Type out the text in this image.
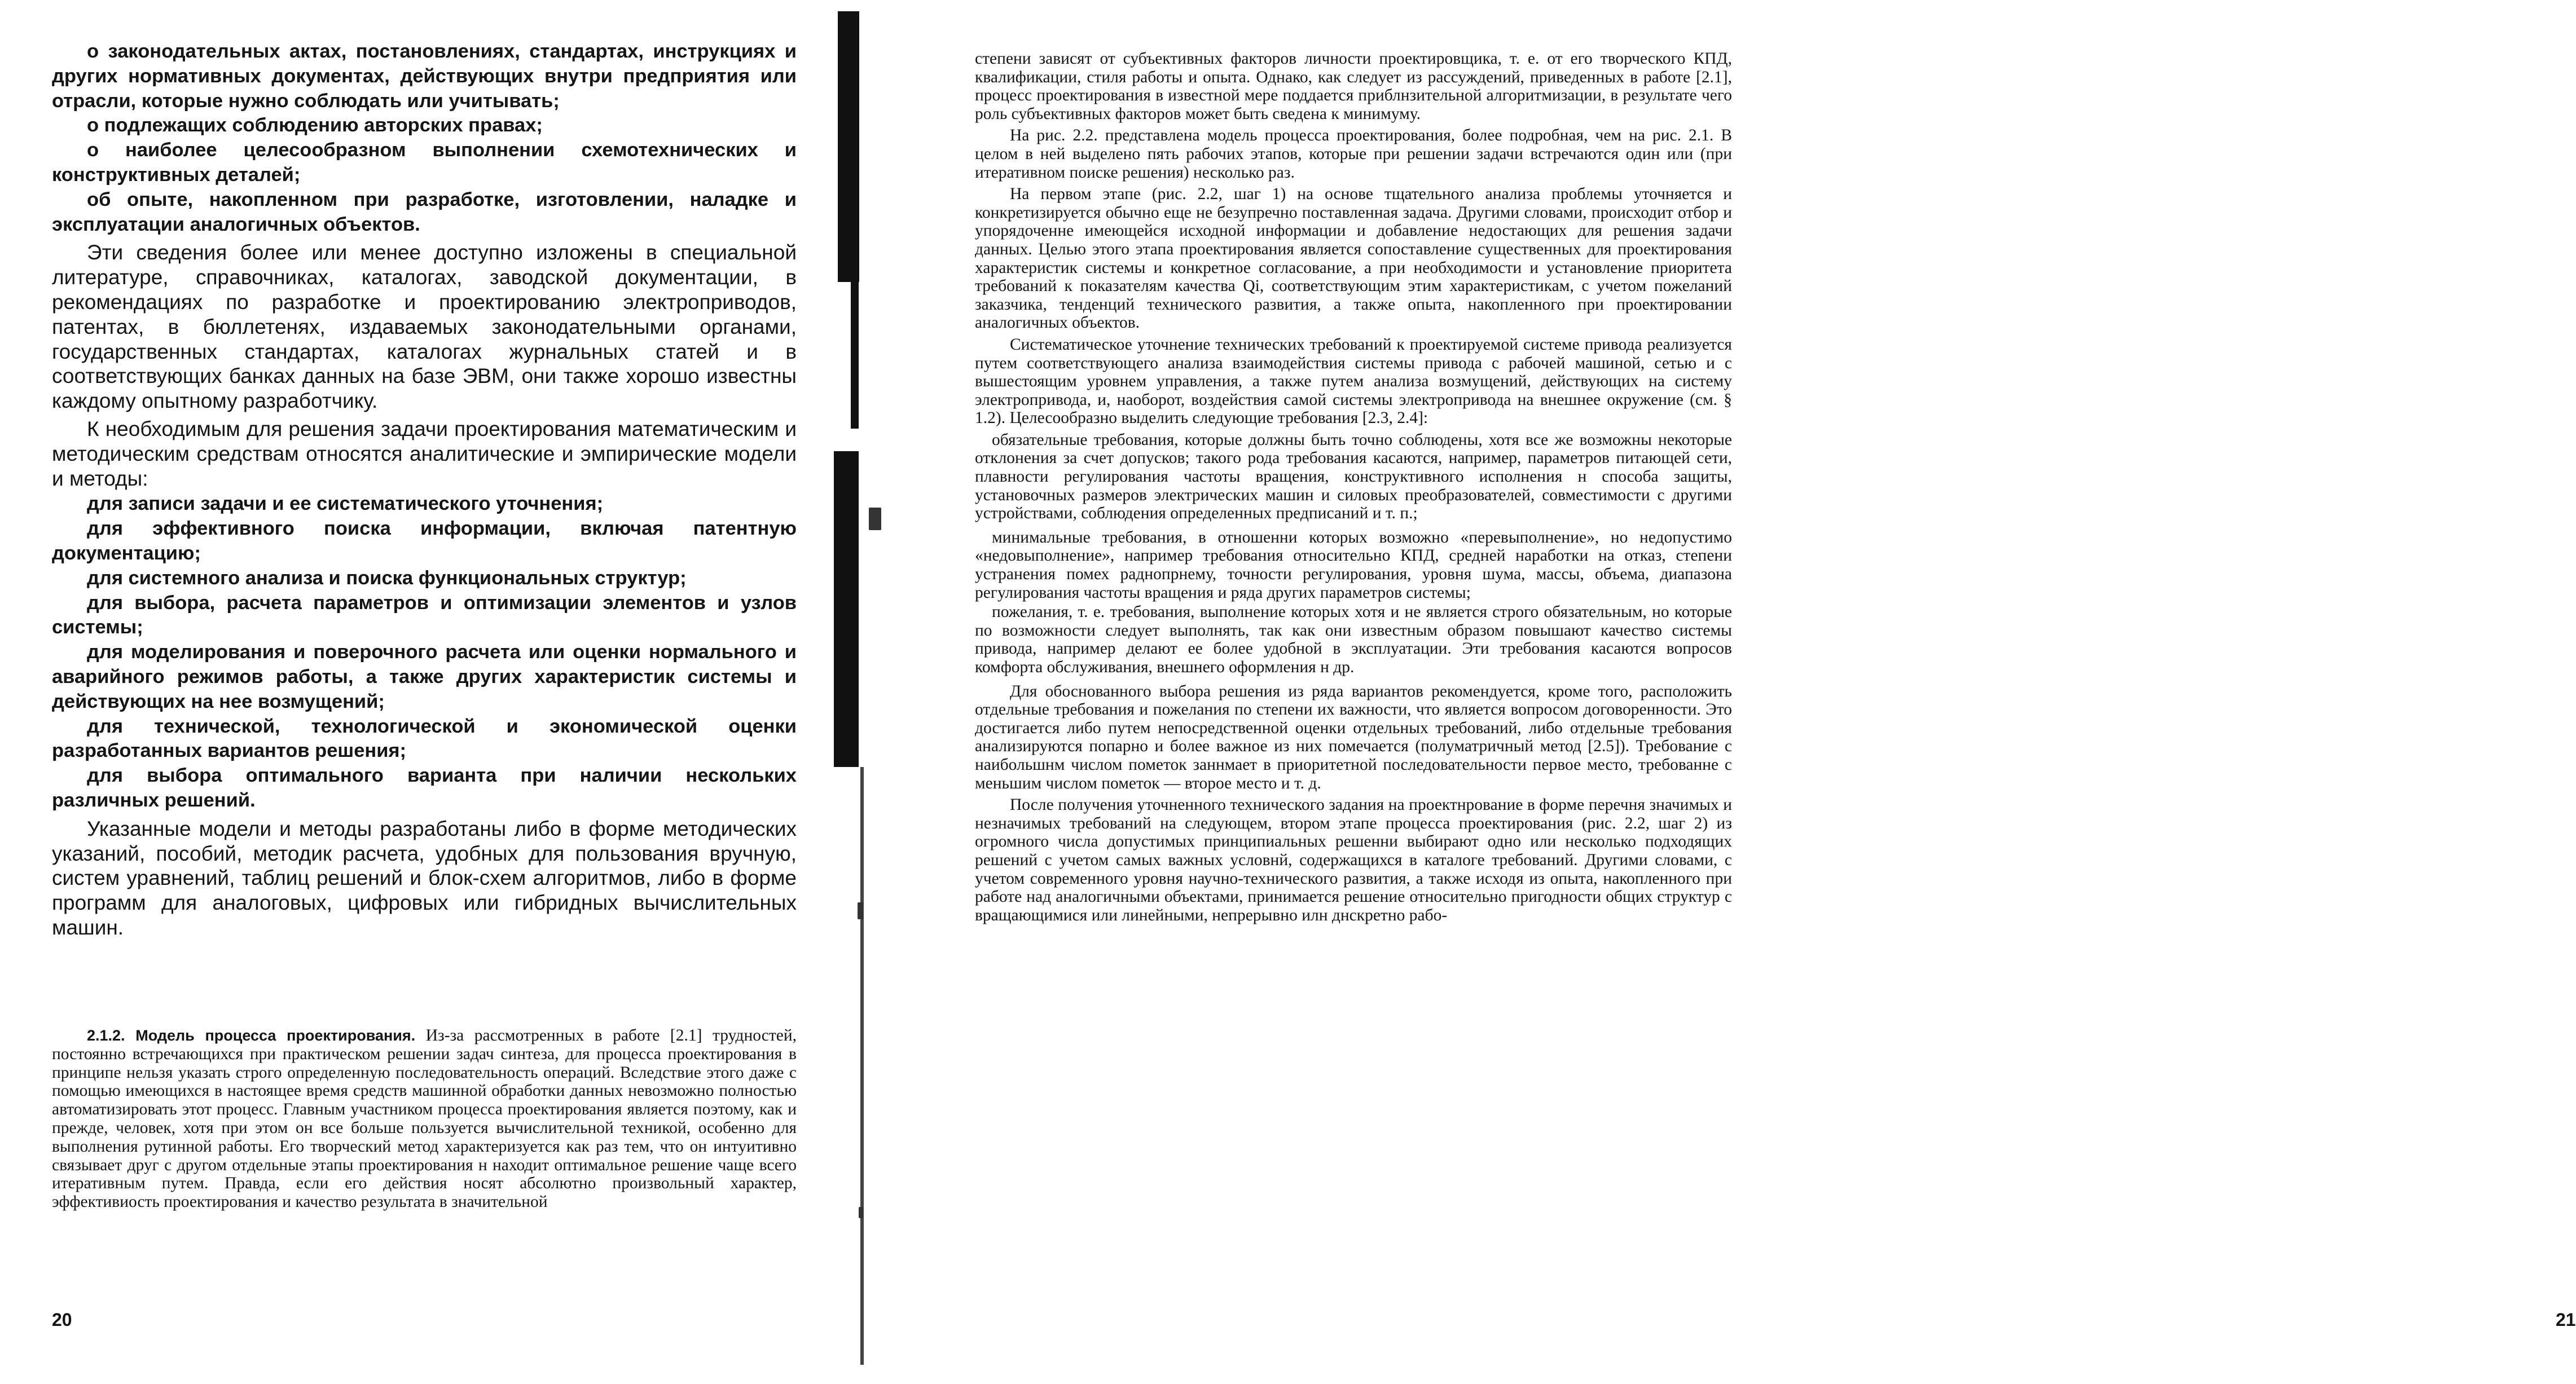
о законодательных актах, постановлениях, стандартах, инструкциях и других нормативных документах, действующих внутри предприятия или отрасли, которые нужно соблюдать или учитывать;

о подлежащих соблюдению авторских правах;

о наиболее целесообразном выполнении схемотехнических и конструктивных деталей;

об опыте, накопленном при разработке, изготовлении, наладке и эксплуатации аналогичных объектов.

Эти сведения более или менее доступно изложены в специальной литературе, справочниках, каталогах, заводской документации, в рекомендациях по разработке и проектированию электроприводов, патентах, в бюллетенях, издаваемых законодательными органами, государственных стандартах, каталогах журнальных статей и в соответствующих банках данных на базе ЭВМ, они также хорошо известны каждому опытному разработчику.

К необходимым для решения задачи проектирования математическим и методическим средствам относятся аналитические и эмпирические модели и методы:

для записи задачи и ее систематического уточнения;

для эффективного поиска информации, включая патентную документацию;

для системного анализа и поиска функциональных структур;

для выбора, расчета параметров и оптимизации элементов и узлов системы;

для моделирования и поверочного расчета или оценки нормального и аварийного режимов работы, а также других характеристик системы и действующих на нее возмущений;

для технической, технологической и экономической оценки разработанных вариантов решения;

для выбора оптимального варианта при наличии нескольких различных решений.

Указанные модели и методы разработаны либо в форме методических указаний, пособий, методик расчета, удобных для пользования вручную, систем уравнений, таблиц решений и блок-схем алгоритмов, либо в форме программ для аналоговых, цифровых или гибридных вычислительных машин.

2.1.2. Модель процесса проектирования. Из-за рассмотренных в работе [2.1] трудностей, постоянно встречающихся при практическом решении задач синтеза, для процесса проектирования в принципе нельзя указать строго определенную последовательность операций. Вследствие этого даже с помощью имеющихся в настоящее время средств машинной обработки данных невозможно полностью автоматизировать этот процесс. Главным участником процесса проектирования является поэтому, как и прежде, человек, хотя при этом он все больше пользуется вычислительной техникой, особенно для выполнения рутинной работы. Его творческий метод характеризуется как раз тем, что он интуитивно связывает друг с другом отдельные этапы проектирования н находит оптимальное решение чаще всего итеративным путем. Правда, если его действия носят абсолютно произвольный характер, эффективиость проектирования и качество результата в значительной

20

степени зависят от субъективных факторов личности проектировщика, т. е. от его творческого КПД, квалификации, стиля работы и опыта. Однако, как следует из рассуждений, приведенных в работе [2.1], процесс проектирования в известной мере поддается приблнзительной алгоритмизации, в результате чего роль субъективных факторов может быть сведена к минимуму.

На рис. 2.2. представлена модель процесса проектирования, более подробная, чем на рис. 2.1. В целом в ней выделено пять рабочих этапов, которые при решении задачи встречаются один или (при итеративном поиске решения) несколько раз.

На первом этапе (рис. 2.2, шаг 1) на основе тщательного анализа проблемы уточняется и конкретизируется обычно еще не безупречно поставленная задача. Другими словами, происходит отбор и упорядоченне имеющейся исходной информации и добавление недостающих для решения задачи данных. Целью этого этапа проектирования является сопоставление существенных для проектирования характеристик системы и конкретное согласование, а при необходимости и установление приоритета требований к показателям качества Qi, соответствующим этим характеристикам, с учетом пожеланий заказчика, тенденций технического развития, а также опыта, накопленного при проектировании аналогичных объектов.

Систематическое уточнение технических требований к проектируемой системе привода реализуется путем соответствующего анализа взаимодействия системы привода с рабочей машиной, сетью и с вышестоящим уровнем управления, а также путем анализа возмущений, действующих на систему электропривода, и, наоборот, воздействия самой системы электропривода на внешнее окружение (см. § 1.2). Целесообразно выделить следующие требования [2.3, 2.4]:

обязательные требования, которые должны быть точно соблюдены, хотя все же возможны некоторые отклонения за счет допусков; такого рода требования касаются, например, параметров питающей сети, плавности регулирования частоты вращения, конструктивного исполнения н способа защиты, установочных размеров электрических машин и силовых преобразователей, совместимости с другими устройствами, соблюдения определенных предписаний и т. п.;

минимальные требования, в отношенни которых возможно «перевыполнение», но недопустимо «недовыполнение», например требования относительно КПД, средней наработки на отказ, степени устранения помех раднопрнему, точности регулирования, уровня шума, массы, объема, диапазона регулирования частоты вращения и ряда других параметров системы;

пожелания, т. е. требования, выполнение которых хотя и не является строго обязательным, но которые по возможности следует выполнять, так как они известным образом повышают качество системы привода, например делают ее более удобной в эксплуатации. Эти требования касаются вопросов комфорта обслуживания, внешнего оформления н др.

Для обоснованного выбора решения из ряда вариантов рекомендуется, кроме того, расположить отдельные требования и пожелания по степени их важности, что является вопросом договоренности. Это достигается либо путем непосредственной оценки отдельных требований, либо отдельные требования анализируются попарно и более важное из них помечается (полуматричный метод [2.5]). Требование с наибольшнм числом пометок заннмает в приоритетной последовательности первое место, требованне с меньшим числом пометок — второе место и т. д.

После получения уточненного технического задания на проектнрование в форме перечня значимых и незначимых требований на следующем, втором этапе процесса проектирования (рис. 2.2, шаг 2) из огромного числа допустимых принципиальных решенни выбирают одно или несколько подходящих решений с учетом самых важных условнй, содержащихся в каталоге требований. Другими словами, с учетом современного уровня научно-технического развития, а также исходя из опыта, накопленного при работе над аналогичными объектами, принимается решение относительно пригодности общих структур с вращающимися или линейными, непрерывно илн днскретно рабо-

21
